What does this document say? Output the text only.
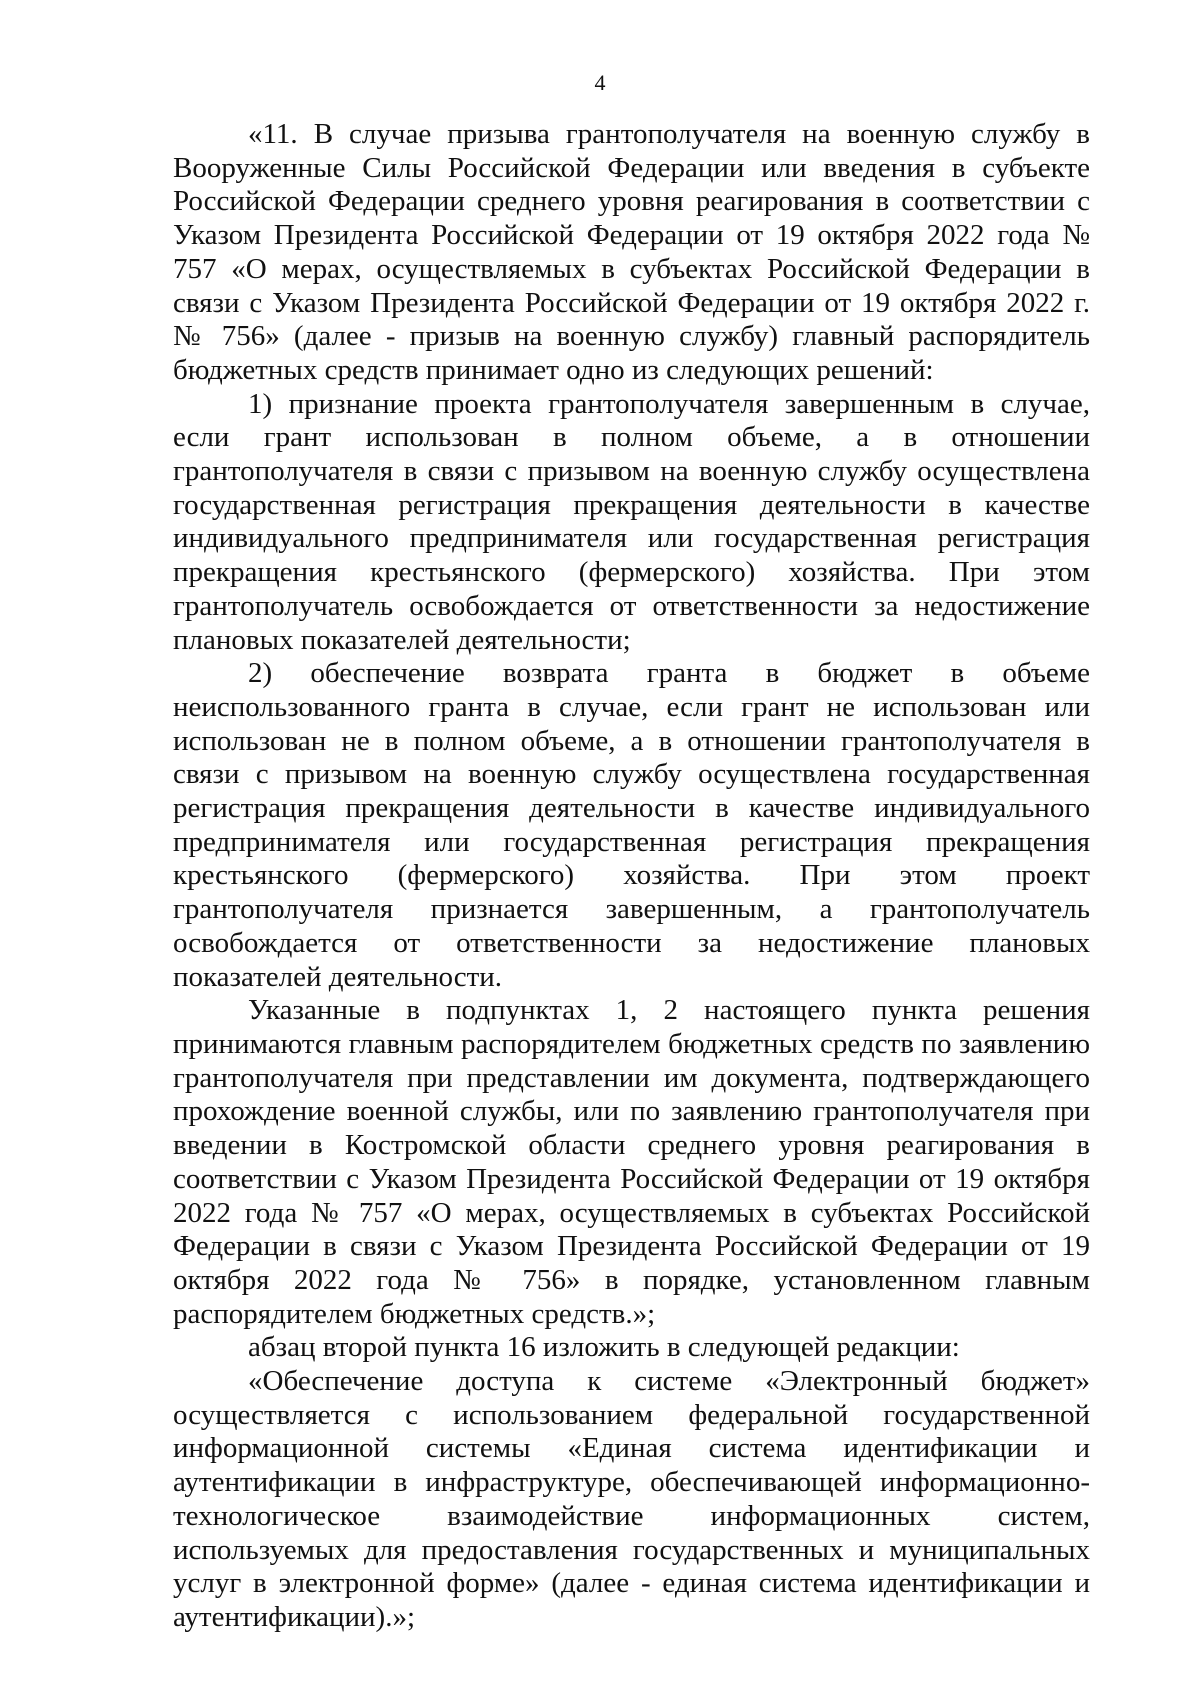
4

«11. В случае призыва грантополучателя на военную службу в Вооруженные Силы Российской Федерации или введения в субъекте Российской Федерации среднего уровня реагирования в соответствии с Указом Президента Российской Федерации от 19 октября 2022 года № 757 «О мерах, осуществляемых в субъектах Российской Федерации в связи с Указом Президента Российской Федерации от 19 октября 2022 г. № 756» (далее - призыв на военную службу) главный распорядитель бюджетных средств принимает одно из следующих решений:

1) признание проекта грантополучателя завершенным в случае, если грант использован в полном объеме, а в отношении грантополучателя в связи с призывом на военную службу осуществлена государственная регистрация прекращения деятельности в качестве индивидуального предпринимателя или государственная регистрация прекращения крестьянского (фермерского) хозяйства. При этом грантополучатель освобождается от ответственности за недостижение плановых показателей деятельности;

2) обеспечение возврата гранта в бюджет в объеме неиспользованного гранта в случае, если грант не использован или использован не в полном объеме, а в отношении грантополучателя в связи с призывом на военную службу осуществлена государственная регистрация прекращения деятельности в качестве индивидуального предпринимателя или государственная регистрация прекращения крестьянского (фермерского) хозяйства. При этом проект грантополучателя признается завершенным, а грантополучатель освобождается от ответственности за недостижение плановых показателей деятельности.

Указанные в подпунктах 1, 2 настоящего пункта решения принимаются главным распорядителем бюджетных средств по заявлению грантополучателя при представлении им документа, подтверждающего прохождение военной службы, или по заявлению грантополучателя при введении в Костромской области среднего уровня реагирования в соответствии с Указом Президента Российской Федерации от 19 октября 2022 года № 757 «О мерах, осуществляемых в субъектах Российской Федерации в связи с Указом Президента Российской Федерации от 19 октября 2022 года № 756» в порядке, установленном главным распорядителем бюджетных средств.»;

абзац второй пункта 16 изложить в следующей редакции:

«Обеспечение доступа к системе «Электронный бюджет» осуществляется с использованием федеральной государственной информационной системы «Единая система идентификации и аутентификации в инфраструктуре, обеспечивающей информационно-технологическое взаимодействие информационных систем, используемых для предоставления государственных и муниципальных услуг в электронной форме» (далее - единая система идентификации и аутентификации).»;
